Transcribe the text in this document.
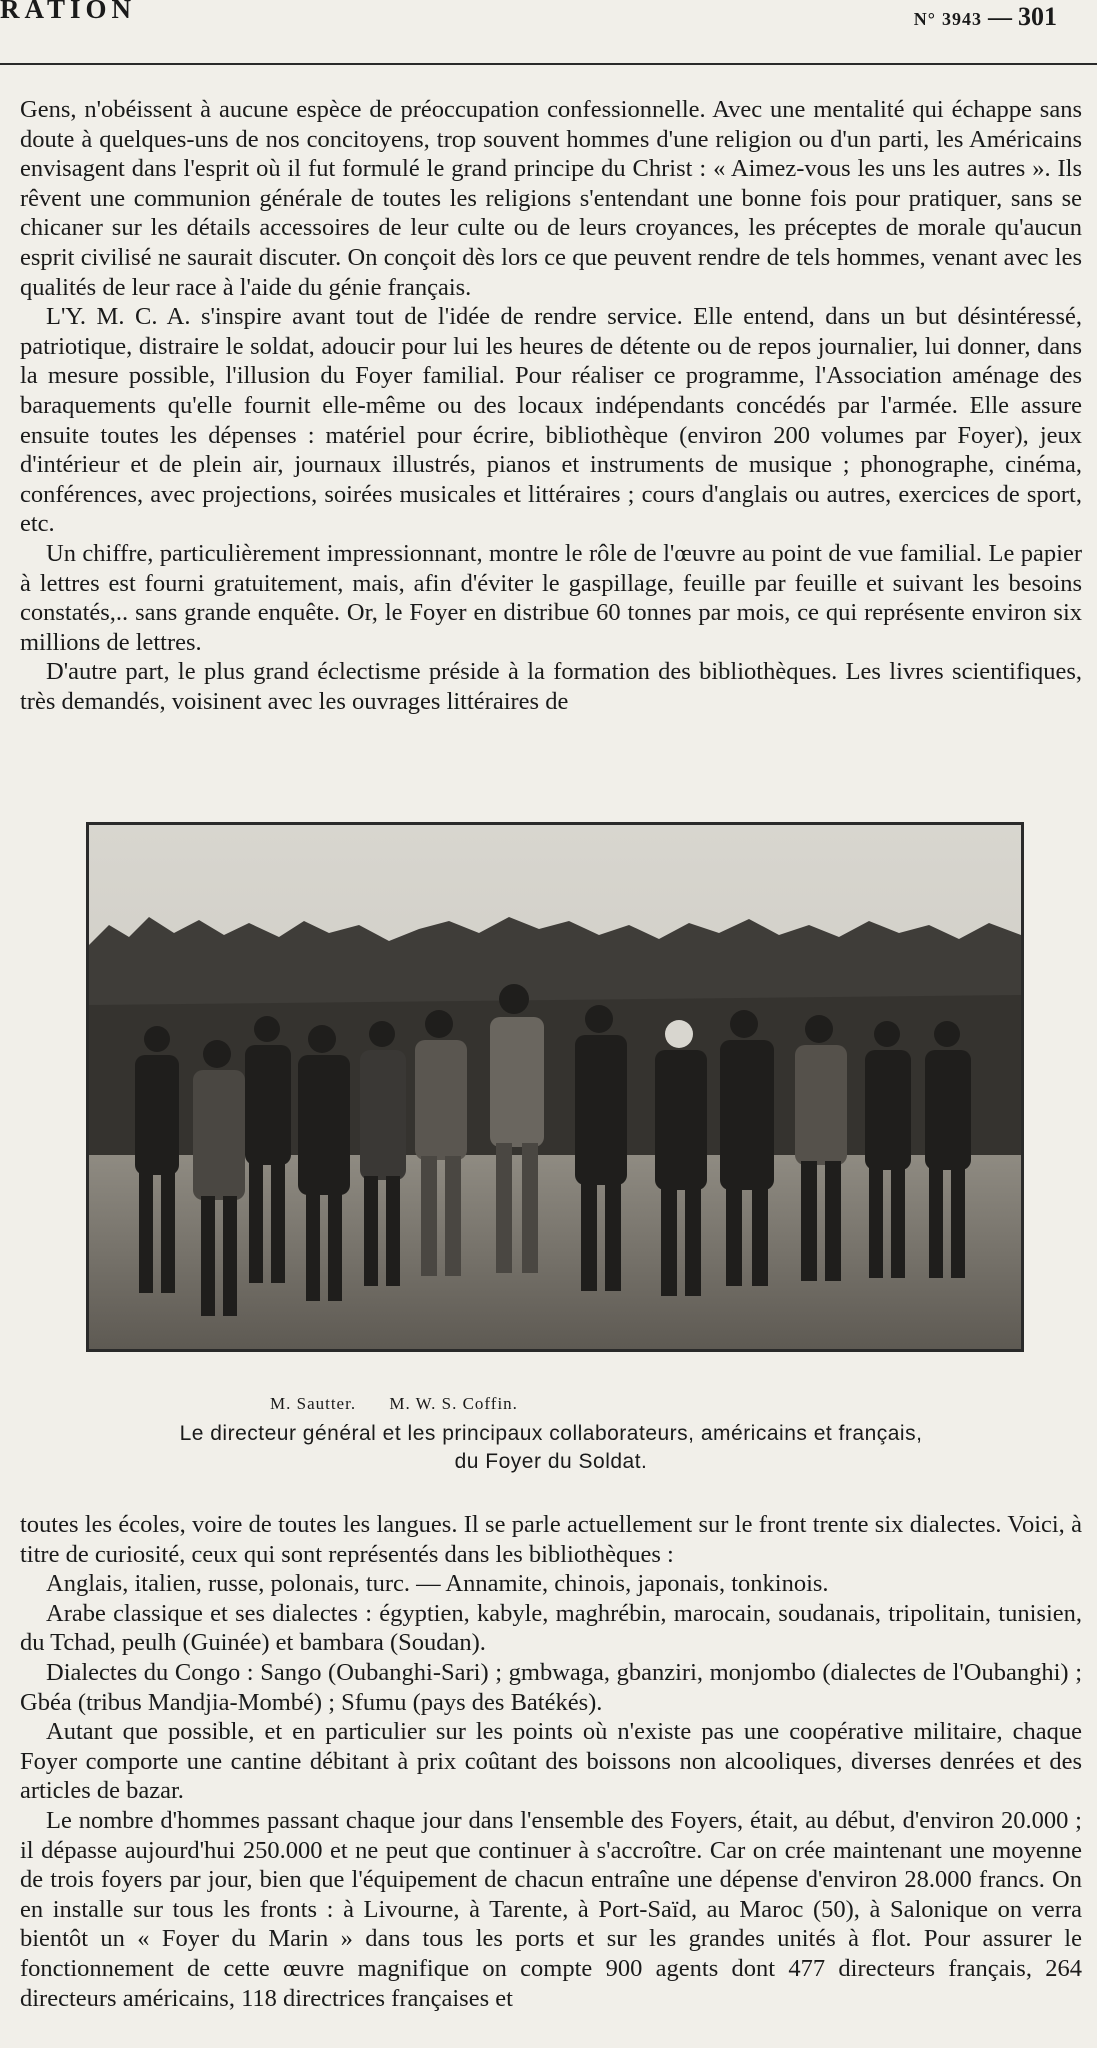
RATION	N° 3943 — 301

Gens, n'obéissent à aucune espèce de préoccupation confessionnelle. Avec une mentalité qui échappe sans doute à quelques-uns de nos concitoyens, trop souvent hommes d'une religion ou d'un parti, les Américains envisagent dans l'esprit où il fut formulé le grand principe du Christ : « Aimez-vous les uns les autres ». Ils rêvent une communion générale de toutes les religions s'entendant une bonne fois pour pratiquer, sans se chicaner sur les détails accessoires de leur culte ou de leurs croyances, les préceptes de morale qu'aucun esprit civilisé ne saurait discuter. On conçoit dès lors ce que peuvent rendre de tels hommes, venant avec les qualités de leur race à l'aide du génie français.

L'Y. M. C. A. s'inspire avant tout de l'idée de rendre service. Elle entend, dans un but désintéressé, patriotique, distraire le soldat, adoucir pour lui les heures de détente ou de repos journalier, lui donner, dans la mesure possible, l'illusion du Foyer familial. Pour réaliser ce programme, l'Association aménage des baraquements qu'elle fournit elle-même ou des locaux indépendants concédés par l'armée. Elle assure ensuite toutes les dépenses : matériel pour écrire, bibliothèque (environ 200 volumes par Foyer), jeux d'intérieur et de plein air, journaux illustrés, pianos et instruments de musique ; phonographe, cinéma, conférences, avec projections, soirées musicales et littéraires ; cours d'anglais ou autres, exercices de sport, etc.

Un chiffre, particulièrement impressionnant, montre le rôle de l'œuvre au point de vue familial. Le papier à lettres est fourni gratuitement, mais, afin d'éviter le gaspillage, feuille par feuille et suivant les besoins constatés,.. sans grande enquête. Or, le Foyer en distribue 60 tonnes par mois, ce qui représente environ six millions de lettres.

D'autre part, le plus grand éclectisme préside à la formation des bibliothèques. Les livres scientifiques, très demandés, voisinent avec les ouvrages littéraires de

M. Sautter. M. W. S. Coffin.
Le directeur général et les principaux collaborateurs, américains et français,
du Foyer du Soldat.

toutes les écoles, voire de toutes les langues. Il se parle actuellement sur le front trente six dialectes. Voici, à titre de curiosité, ceux qui sont représentés dans les bibliothèques :

Anglais, italien, russe, polonais, turc. — Annamite, chinois, japonais, tonkinois.

Arabe classique et ses dialectes : égyptien, kabyle, maghrébin, marocain, soudanais, tripolitain, tunisien, du Tchad, peulh (Guinée) et bambara (Soudan).

Dialectes du Congo : Sango (Oubanghi-Sari) ; gmbwaga, gbanziri, monjombo (dialectes de l'Oubanghi) ; Gbéa (tribus Mandjia-Mombé) ; Sfumu (pays des Batékés).

Autant que possible, et en particulier sur les points où n'existe pas une coopérative militaire, chaque Foyer comporte une cantine débitant à prix coûtant des boissons non alcooliques, diverses denrées et des articles de bazar.

Le nombre d'hommes passant chaque jour dans l'ensemble des Foyers, était, au début, d'environ 20.000 ; il dépasse aujourd'hui 250.000 et ne peut que continuer à s'accroître. Car on crée maintenant une moyenne de trois foyers par jour, bien que l'équipement de chacun entraîne une dépense d'environ 28.000 francs. On en installe sur tous les fronts : à Livourne, à Tarente, à Port-Saïd, au Maroc (50), à Salonique on verra bientôt un « Foyer du Marin » dans tous les ports et sur les grandes unités à flot. Pour assurer le fonctionnement de cette œuvre magnifique on compte 900 agents dont 477 directeurs français, 264 directeurs américains, 118 directrices françaises et
